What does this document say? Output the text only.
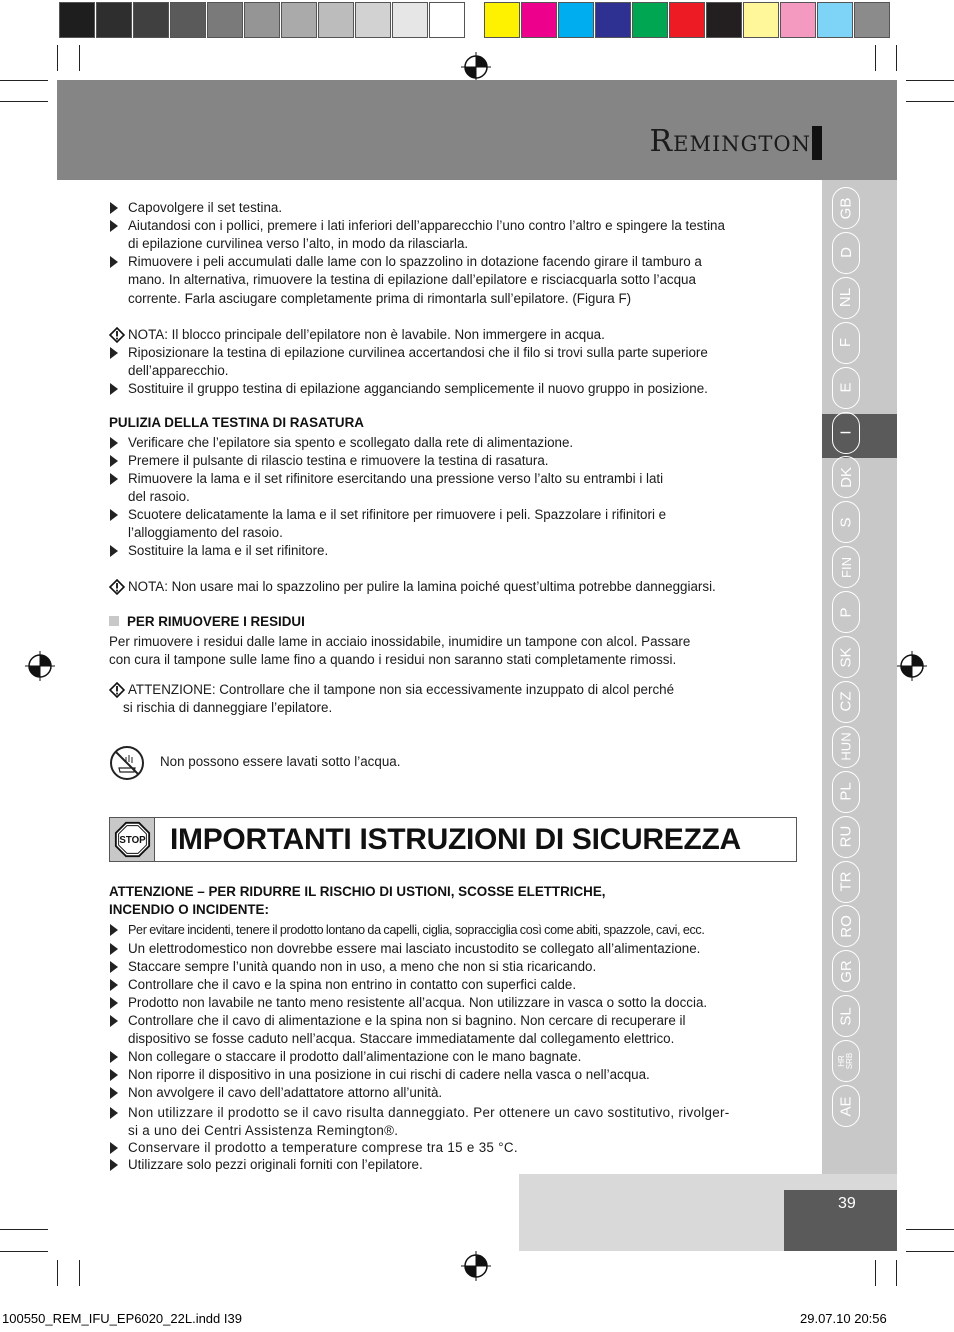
Remington
GB
D
NL
F
E
I
DK
S
FIN
P
SK
CZ
HUN
PL
RU
TR
RO
GR
SL
HR
SRB
AE
Capovolgere il set testina.
Aiutandosi con i pollici, premere i lati inferiori dell’apparecchio l’uno contro l’altro e spingere la testina
di epilazione curvilinea verso l’alto, in modo da rilasciarla.
Rimuovere i peli accumulati dalle lame con lo spazzolino in dotazione facendo girare il tamburo a
mano. In alternativa, rimuovere la testina di epilazione dall’epilatore e risciacquarla sotto l’acqua
corrente. Farla asciugare completamente prima di rimontarla sull’epilatore. (Figura F)
NOTA: Il blocco principale dell’epilatore non è lavabile. Non immergere in acqua.
Riposizionare la testina di epilazione curvilinea accertandosi che il filo si trovi sulla parte superiore
dell’apparecchio.
Sostituire il gruppo testina di epilazione agganciando semplicemente il nuovo gruppo in posizione.
PULIZIA DELLA TESTINA DI RASATURA
Verificare che l’epilatore sia spento e scollegato dalla rete di alimentazione.
Premere il pulsante di rilascio testina e rimuovere la testina di rasatura.
Rimuovere la lama e il set rifinitore esercitando una pressione verso l’alto su entrambi i lati
del rasoio.
Scuotere delicatamente la lama e il set rifinitore per rimuovere i peli. Spazzolare i rifinitori e
l’alloggiamento del rasoio.
Sostituire la lama e il set rifinitore.
NOTA: Non usare mai lo spazzolino per pulire la lamina poiché quest’ultima potrebbe danneggiarsi.
PER RIMUOVERE I RESIDUI
Per rimuovere i residui dalle lame in acciaio inossidabile, inumidire un tampone con alcol. Passare
con cura il tampone sulle lame fino a quando i residui non saranno stati completamente rimossi.
ATTENZIONE: Controllare che il tampone non sia eccessivamente inzuppato di alcol perché
si rischia di danneggiare l’epilatore.
Non possono essere lavati sotto l’acqua.
STOP IMPORTANTI ISTRUZIONI DI SICUREZZA
ATTENZIONE – PER RIDURRE IL RISCHIO DI USTIONI, SCOSSE ELETTRICHE,
INCENDIO O INCIDENTE:
Per evitare incidenti, tenere il prodotto lontano da capelli, ciglia, sopracciglia così come abiti, spazzole, cavi, ecc.
Un elettrodomestico non dovrebbe essere mai lasciato incustodito se collegato all’alimentazione.
Staccare sempre l’unità quando non in uso, a meno che non si stia ricaricando.
Controllare che il cavo e la spina non entrino in contatto con superfici calde.
Prodotto non lavabile ne tanto meno resistente all’acqua. Non utilizzare in vasca o sotto la doccia.
Controllare che il cavo di alimentazione e la spina non si bagnino. Non cercare di recuperare il
dispositivo se fosse caduto nell’acqua. Staccare immediatamente dal collegamento elettrico.
Non collegare o staccare il prodotto dall’alimentazione con le mano bagnate.
Non riporre il dispositivo in una posizione in cui rischi di cadere nella vasca o nell’acqua.
Non avvolgere il cavo dell’adattatore attorno all’unità.
Non utilizzare il prodotto se il cavo risulta danneggiato. Per ottenere un cavo sostitutivo, rivolger-
si a uno dei Centri Assistenza Remington®.
Conservare il prodotto a temperature comprese tra 15 e 35 °C.
Utilizzare solo pezzi originali forniti con l’epilatore.
39
100550_REM_IFU_EP6020_22L.indd I39	29.07.10 20:56
